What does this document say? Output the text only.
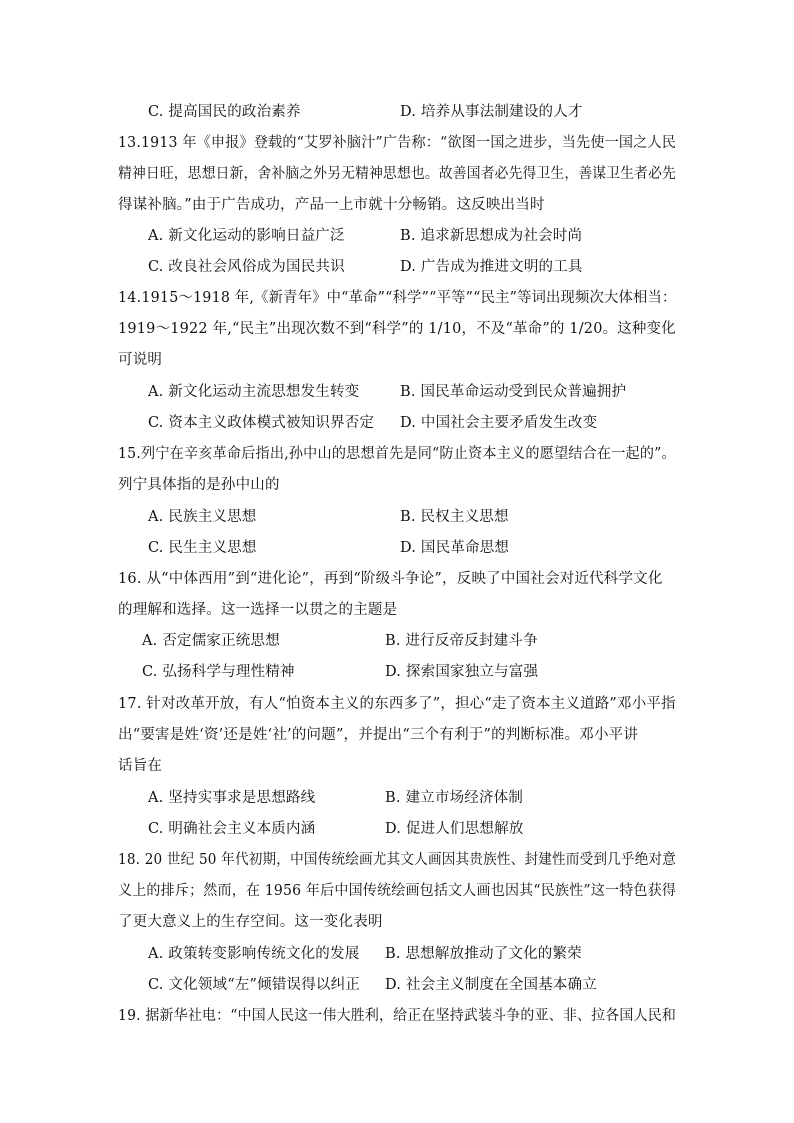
C. 提高国民的政治素养	D. 培养从事法制建设的人才
13.1913 年《申报》登载的“艾罗补脑汁”广告称：“欲图一国之进步，当先使一国之人民
精神日旺，思想日新，舍补脑之外另无精神思想也。故善国者必先得卫生，善谋卫生者必先
得谋补脑。”由于广告成功，产品一上市就十分畅销。这反映出当时
A. 新文化运动的影响日益广泛	B. 追求新思想成为社会时尚
C. 改良社会风俗成为国民共识	D. 广告成为推进文明的工具
14.1915～1918 年,《新青年》中“革命”“科学”“平等”“民主”等词出现频次大体相当：
1919～1922 年,“民主”出现次数不到“科学”的 1/10，不及“革命”的 1/20。这种变化
可说明
A. 新文化运动主流思想发生转变	B. 国民革命运动受到民众普遍拥护
C. 资本主义政体模式被知识界否定 D. 中国社会主要矛盾发生改变
15.列宁在辛亥革命后指出,孙中山的思想首先是同“防止资本主义的愿望结合在一起的”。
列宁具体指的是孙中山的
A. 民族主义思想	B. 民权主义思想
C. 民生主义思想	D. 国民革命思想
16. 从“中体西用”到“进化论”，再到“阶级斗争论”，反映了中国社会对近代科学文化
的理解和选择。这一选择一以贯之的主题是
A. 否定儒家正统思想	B. 进行反帝反封建斗争
C. 弘扬科学与理性精神	D. 探索国家独立与富强
17. 针对改革开放，有人“怕资本主义的东西多了”，担心“走了资本主义道路”邓小平指
出“要害是姓‘资’还是姓‘社’的问题”，并提出“三个有利于”的判断标准。邓小平讲
话旨在
A. 坚持实事求是思想路线	B. 建立市场经济体制
C. 明确社会主义本质内涵	D. 促进人们思想解放
18. 20 世纪 50 年代初期，中国传统绘画尤其文人画因其贵族性、封建性而受到几乎绝对意
义上的排斥；然而，在 1956 年后中国传统绘画包括文人画也因其“民族性”这一特色获得
了更大意义上的生存空间。这一变化表明
A. 政策转变影响传统文化的发展 B. 思想解放推动了文化的繁荣
C. 文化领域“左”倾错误得以纠正 D. 社会主义制度在全国基本确立
19. 据新华社电：“中国人民这一伟大胜利，给正在坚持武装斗争的亚、非、拉各国人民和
